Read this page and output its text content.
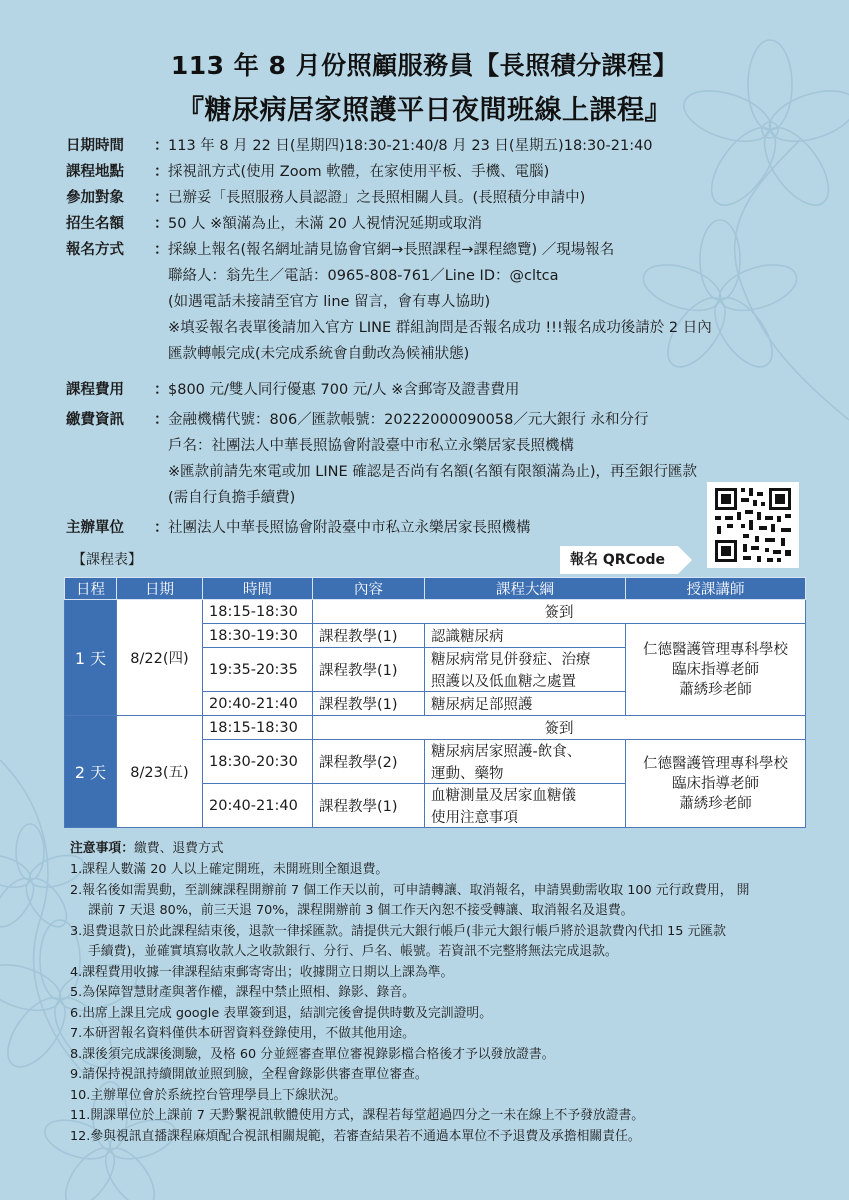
113 年 8 月份照顧服務員【長照積分課程】
『糖尿病居家照護平日夜間班線上課程』
日期時間	： 113 年 8 月 22 日(星期四)18:30-21:40/8 月 23 日(星期五)18:30-21:40
課程地點	： 採視訊方式(使用 Zoom 軟體，在家使用平板、手機、電腦)
參加對象	： 已辦妥「長照服務人員認證」之長照相關人員。(長照積分申請中)
招生名額	： 50 人 ※額滿為止，未滿 20 人視情況延期或取消
報名方式	： 採線上報名(報名網址請見協會官網→長照課程→課程總覽) ／現場報名
聯絡人：翁先生／電話：0965-808-761／Line ID：@cltca
(如遇電話未接請至官方 line 留言，會有專人協助)
※填妥報名表單後請加入官方 LINE 群組詢問是否報名成功 !!!報名成功後請於 2 日內
匯款轉帳完成(未完成系統會自動改為候補狀態)
課程費用	： $800 元/雙人同行優惠 700 元/人 ※含郵寄及證書費用
繳費資訊	： 金融機構代號：806／匯款帳號：20222000090058／元大銀行 永和分行
戶名：社團法人中華長照協會附設臺中市私立永樂居家長照機構
※匯款前請先來電或加 LINE 確認是否尚有名額(名額有限額滿為止)，再至銀行匯款
(需自行負擔手續費)
主辦單位	： 社團法人中華長照協會附設臺中市私立永樂居家長照機構
報名 QRCode
【課程表】
日程	日期	時間	內容	課程大綱	授課講師
1 天	8/22(四)	18:15-18:30	簽到		
		18:30-19:30	課程教學(1)	認識糖尿病	仁德醫護管理專科學校
臨床指導老師
蕭綉珍老師

		19:35-20:35	課程教學(1)	糖尿病常見併發症、治療	
				照護以及低血糖之處置	
		20:40-21:40	課程教學(1)	糖尿病足部照護	
2 天	8/23(五)	18:15-18:30	簽到		
		18:30-20:30	課程教學(2)	糖尿病居家照護-飲食、	仁德醫護管理專科學校
臨床指導老師
蕭綉珍老師

				運動、藥物	
		20:40-21:40	課程教學(1)	血糖測量及居家血糖儀	
				使用注意事項	
注意事項：繳費、退費方式
1.課程人數滿 20 人以上確定開班，未開班則全額退費。
2.報名後如需異動，至訓練課程開辦前 7 個工作天以前，可申請轉讓、取消報名，申請異動需收取 100 元行政費用， 開
課前 7 天退 80%，前三天退 70%，課程開辦前 3 個工作天內恕不接受轉讓、取消報名及退費。
3.退費退款日於此課程結束後，退款一律採匯款。請提供元大銀行帳戶(非元大銀行帳戶將於退款費內代扣 15 元匯款
手續費)，並確實填寫收款人之收款銀行、分行、戶名、帳號。若資訊不完整將無法完成退款。
4.課程費用收據一律課程結束郵寄寄出；收據開立日期以上課為準。
5.為保障智慧財產與著作權，課程中禁止照相、錄影、錄音。
6.出席上課且完成 google 表單簽到退，結訓完後會提供時數及完訓證明。
7.本研習報名資料僅供本研習資料登錄使用，不做其他用途。
8.課後須完成課後測驗，及格 60 分並經審查單位審視錄影檔合格後才予以發放證書。
9.請保持視訊持續開啟並照到臉，全程會錄影供審查單位審查。
10.主辦單位會於系統控台管理學員上下線狀況。
11.開課單位於上課前 7 天黔繫視訊軟體使用方式，課程若每堂超過四分之一未在線上不予發放證書。
12.參與視訊直播課程麻煩配合視訊相關規範，若審查結果若不通過本單位不予退費及承擔相關責任。
